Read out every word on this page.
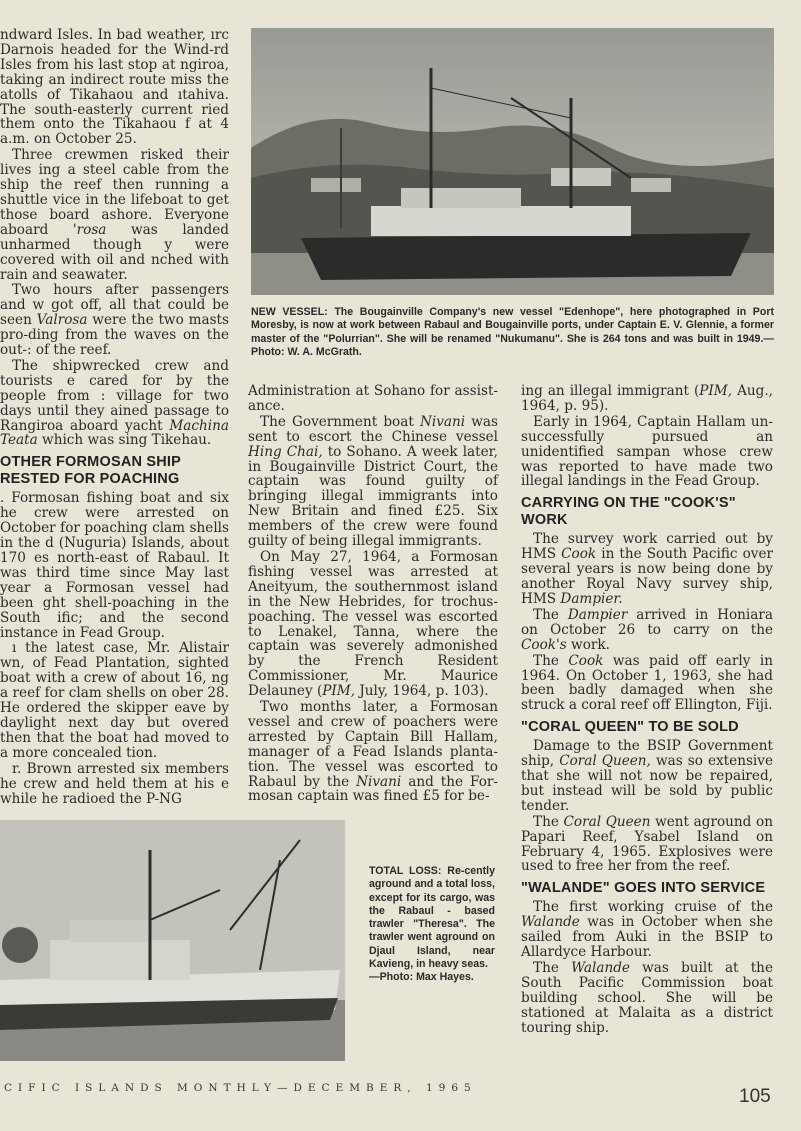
NEW VESSEL: The Bougainville Company's new vessel "Edenhope", here photographed in Port Moresby, is now at work between Rabaul and Bougainville ports, under Captain E. V. Glennie, a former master of the "Polurrian". She will be renamed "Nukumanu". She is 264 tons and was built in 1949.—Photo: W. A. McGrath.

ndward Isles. In bad weather, ırc Darnois headed for the Wind-rd Isles from his last stop at ngiroa, taking an indirect route miss the atolls of Tikahaou and ıtahiva. The south-easterly current ried them onto the Tikahaou f at 4 a.m. on October 25.

Three crewmen risked their lives ing a steel cable from the ship the reef then running a shuttle vice in the lifeboat to get those board ashore. Everyone aboard 'rosa was landed unharmed though y were covered with oil and nched with rain and seawater.

Two hours after passengers and w got off, all that could be seen Valrosa were the two masts pro-ding from the waves on the out-: of the reef.

The shipwrecked crew and tourists e cared for by the people from : village for two days until they ained passage to Rangiroa aboard yacht Machina Teata which was sing Tikehau.

OTHER FORMOSAN SHIP RESTED FOR POACHING

. Formosan fishing boat and six he crew were arrested on October for poaching clam shells in the d (Nuguria) Islands, about 170 es north-east of Rabaul. It was third time since May last year a Formosan vessel had been ght shell-poaching in the South ific; and the second instance in Fead Group.

ı the latest case, Mr. Alistair wn, of Fead Plantation, sighted boat with a crew of about 16, ng a reef for clam shells on ober 28. He ordered the skipper eave by daylight next day but overed then that the boat had moved to a more concealed tion.

r. Brown arrested six members he crew and held them at his e while he radioed the P-NG

Administration at Sohano for assist-ance.

The Government boat Nivani was sent to escort the Chinese vessel Hing Chai, to Sohano. A week later, in Bougainville District Court, the captain was found guilty of bringing illegal immigrants into New Britain and fined £25. Six members of the crew were found guilty of being illegal immigrants.

On May 27, 1964, a Formosan fishing vessel was arrested at Aneityum, the southernmost island in the New Hebrides, for trochus-poaching. The vessel was escorted to Lenakel, Tanna, where the captain was severely admonished by the French Resident Commissioner, Mr. Maurice Delauney (PIM, July, 1964, p. 103).

Two months later, a Formosan vessel and crew of poachers were arrested by Captain Bill Hallam, manager of a Fead Islands planta-tion. The vessel was escorted to Rabaul by the Nivani and the For-mosan captain was fined £5 for be-

ing an illegal immigrant (PIM, Aug., 1964, p. 95).

Early in 1964, Captain Hallam un-successfully pursued an unidentified sampan whose crew was reported to have made two illegal landings in the Fead Group.

CARRYING ON THE "COOK'S" WORK

The survey work carried out by HMS Cook in the South Pacific over several years is now being done by another Royal Navy survey ship, HMS Dampier.

The Dampier arrived in Honiara on October 26 to carry on the Cook's work.

The Cook was paid off early in 1964. On October 1, 1963, she had been badly damaged when she struck a coral reef off Ellington, Fiji.

"CORAL QUEEN" TO BE SOLD

Damage to the BSIP Government ship, Coral Queen, was so extensive that she will not now be repaired, but instead will be sold by public tender.

The Coral Queen went aground on Papari Reef, Ysabel Island on February 4, 1965. Explosives were used to free her from the reef.

"WALANDE" GOES INTO SERVICE

The first working cruise of the Walande was in October when she sailed from Auki in the BSIP to Allardyce Harbour.

The Walande was built at the South Pacific Commission boat building school. She will be stationed at Malaita as a district touring ship.

TOTAL LOSS: Re-cently aground and a total loss, except for its cargo, was the Rabaul - based trawler "Theresa". The trawler went aground on Djaul Island, near Kavieng, in heavy seas.
—Photo: Max Hayes.
CIFIC ISLANDS MONTHLY—DECEMBER, 1965	105
